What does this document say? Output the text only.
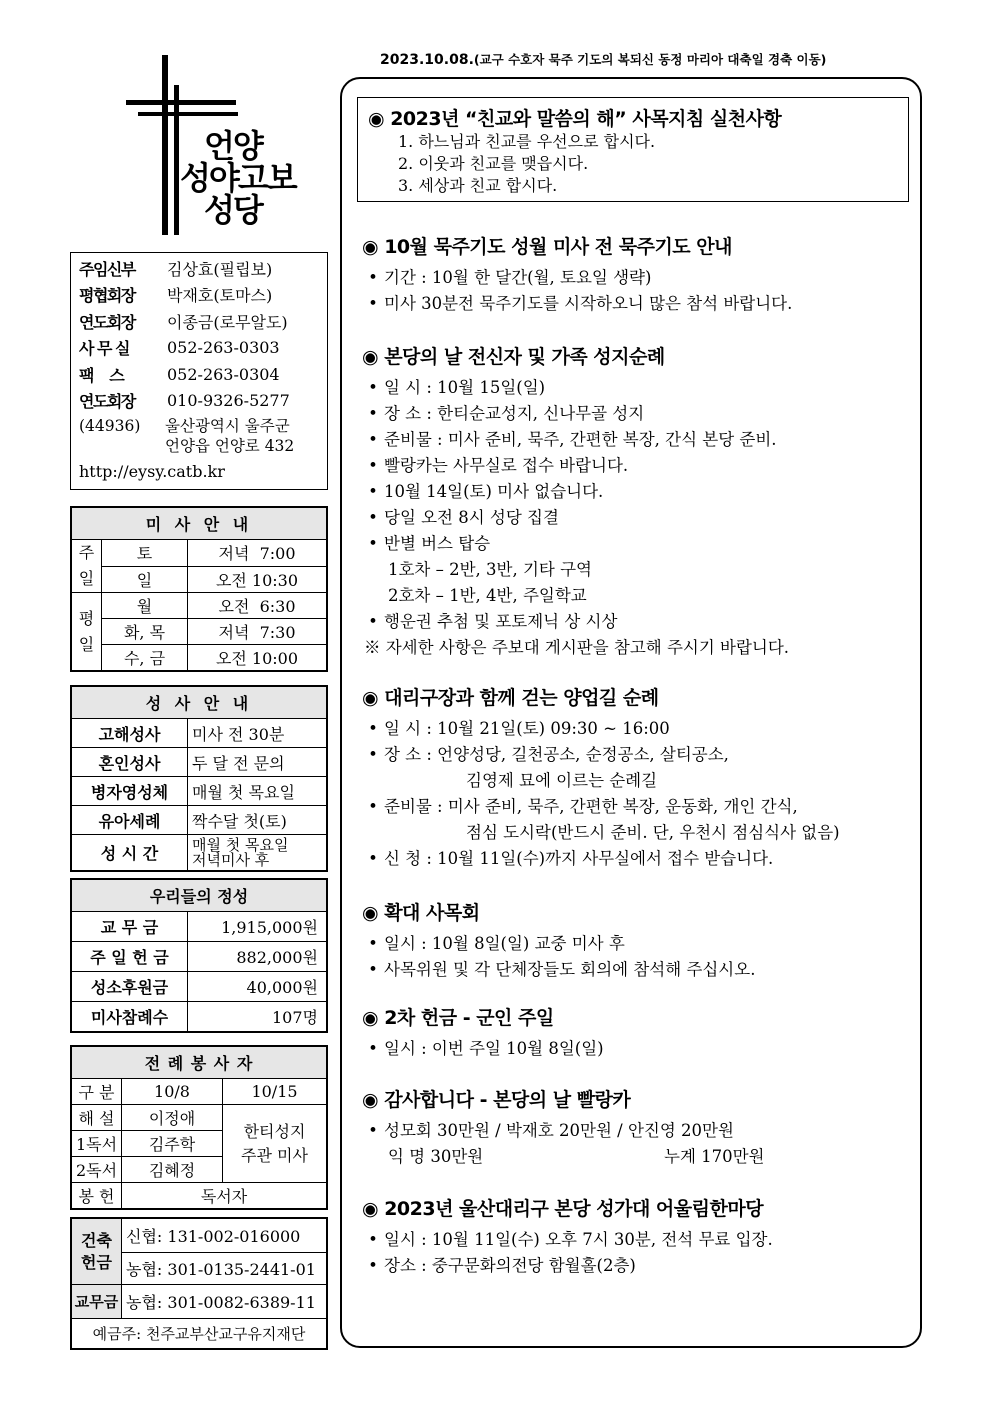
2023.10.08.(교구 수호자 묵주 기도의 복되신 동정 마리아 대축일 경축 이동)
언양
성야고보
성당
주임신부	김상효(필립보)
평협회장	박재호(토마스)
연도회장	이종금(로무알도)
사 무 실	052-263-0303
팩    스	052-263-0304
연도회장	010-9326-5277
(44936)	울산광역시 울주군
언양읍 언양로 432
http://eysy.catb.kr
미 사 안 내		
주일	토	저녁  7:00
	일	오전 10:30
평일	월	오전  6:30
	화, 목	저녁  7:30
	수, 금	오전 10:00
성 사 안 내	
고해성사	미사 전 30분
혼인성사	두 달 전 문의
병자영성체	매월 첫 목요일
유아세례	짝수달 첫(토)
성 시 간	매월 첫 목요일
저녁미사 후
우리들의 정성	
교 무 금	1,915,000원
주 일 헌 금	882,000원
성소후원금	40,000원
미사참례수	107명
전 례 봉 사 자		
구 분	10/8	10/15
해 설	이정애	한티성지
주관 미사
1독서	김주학	
2독서	김혜정	
봉 헌	독서자	
건축
헌금	신협: 131-002-016000
	농협: 301-0135-2441-01
교무금	농협: 301-0082-6389-11
예금주: 천주교부산교구유지재단	
◉ 2023년 “친교와 말씀의 해” 사목지침 실천사항
1. 하느님과 친교를 우선으로 합시다.
2. 이웃과 친교를 맺읍시다.
3. 세상과 친교 합시다.
◉ 10월 묵주기도 성월 미사 전 묵주기도 안내
• 기간 : 10월 한 달간(월, 토요일 생략)
• 미사 30분전 묵주기도를 시작하오니 많은 참석 바랍니다.
◉ 본당의 날 전신자 및 가족 성지순례
• 일 시 : 10월 15일(일)
• 장 소 : 한티순교성지, 신나무골 성지
• 준비물 : 미사 준비, 묵주, 간편한 복장, 간식 본당 준비.
• 빨랑카는 사무실로 접수 바랍니다.
• 10월 14일(토) 미사 없습니다.
• 당일 오전 8시 성당 집결
• 반별 버스 탑승
1호차 – 2반, 3반, 기타 구역
2호차 – 1반, 4반, 주일학교
• 행운권 추첨 및 포토제닉 상 시상
※ 자세한 사항은 주보대 게시판을 참고해 주시기 바랍니다.
◉ 대리구장과 함께 걷는 양업길 순례
• 일 시 : 10월 21일(토) 09:30 ~ 16:00
• 장 소 : 언양성당, 길천공소, 순정공소, 살티공소,
김영제 묘에 이르는 순례길
• 준비물 : 미사 준비, 묵주, 간편한 복장, 운동화, 개인 간식,
점심 도시락(반드시 준비. 단, 우천시 점심식사 없음)
• 신 청 : 10월 11일(수)까지 사무실에서 접수 받습니다.
◉ 확대 사목회
• 일시 : 10월 8일(일) 교중 미사 후
• 사목위원 및 각 단체장들도 회의에 참석해 주십시오.
◉ 2차 헌금 - 군인 주일
• 일시 : 이번 주일 10월 8일(일)
◉ 감사합니다 - 본당의 날 빨랑카
• 성모회 30만원 / 박재호 20만원 / 안진영 20만원
익 명 30만원	누계 170만원
◉ 2023년 울산대리구 본당 성가대 어울림한마당
• 일시 : 10월 11일(수) 오후 7시 30분, 전석 무료 입장.
• 장소 : 중구문화의전당 함월홀(2층)
